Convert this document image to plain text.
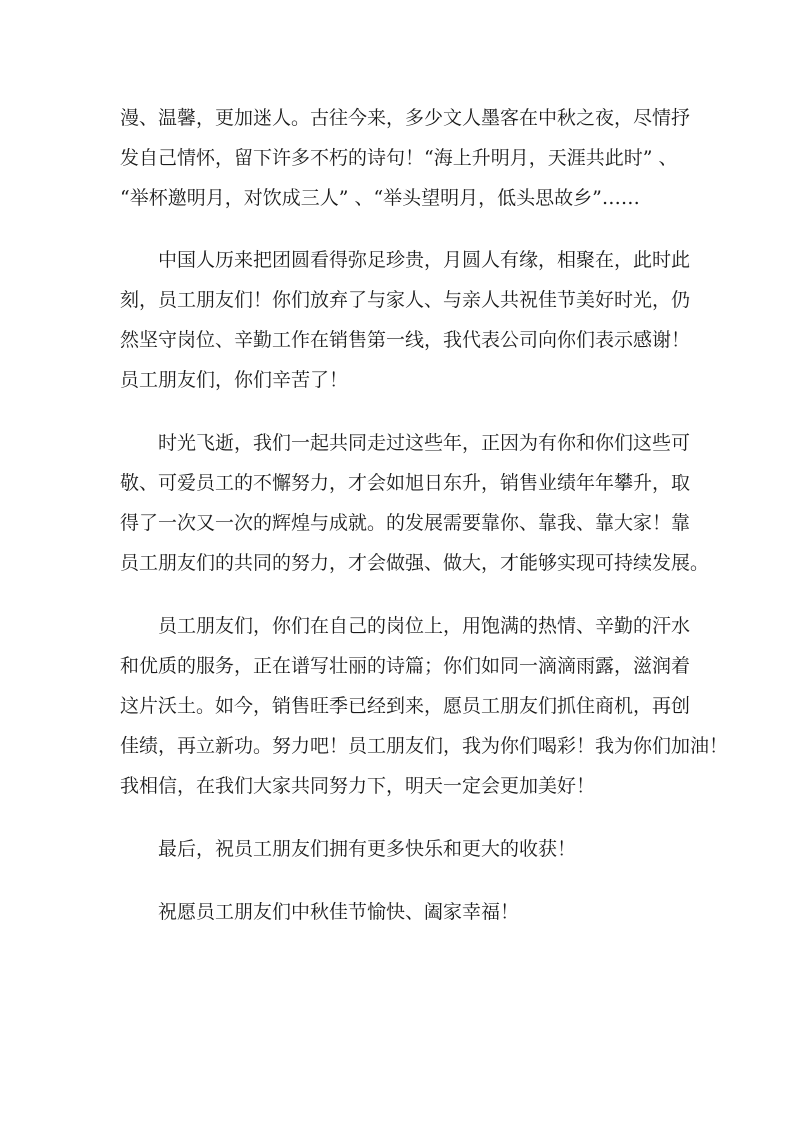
漫、温馨，更加迷人。古往今来，多少文人墨客在中秋之夜，尽情抒
发自己情怀，留下许多不朽的诗句！“海上升明月，天涯共此时” 、
“举杯邀明月，对饮成三人” 、“举头望明月，低头思故乡”……
中国人历来把团圆看得弥足珍贵，月圆人有缘，相聚在，此时此
刻，员工朋友们！你们放弃了与家人、与亲人共祝佳节美好时光，仍
然坚守岗位、辛勤工作在销售第一线，我代表公司向你们表示感谢！
员工朋友们，你们辛苦了！
时光飞逝，我们一起共同走过这些年，正因为有你和你们这些可
敬、可爱员工的不懈努力，才会如旭日东升，销售业绩年年攀升，取
得了一次又一次的辉煌与成就。的发展需要靠你、靠我、靠大家！靠
员工朋友们的共同的努力，才会做强、做大，才能够实现可持续发展。
员工朋友们，你们在自己的岗位上，用饱满的热情、辛勤的汗水
和优质的服务，正在谱写壮丽的诗篇；你们如同一滴滴雨露，滋润着
这片沃土。如今，销售旺季已经到来，愿员工朋友们抓住商机，再创
佳绩，再立新功。努力吧！员工朋友们，我为你们喝彩！我为你们加油！
我相信，在我们大家共同努力下，明天一定会更加美好！
最后，祝员工朋友们拥有更多快乐和更大的收获！
祝愿员工朋友们中秋佳节愉快、阖家幸福！
